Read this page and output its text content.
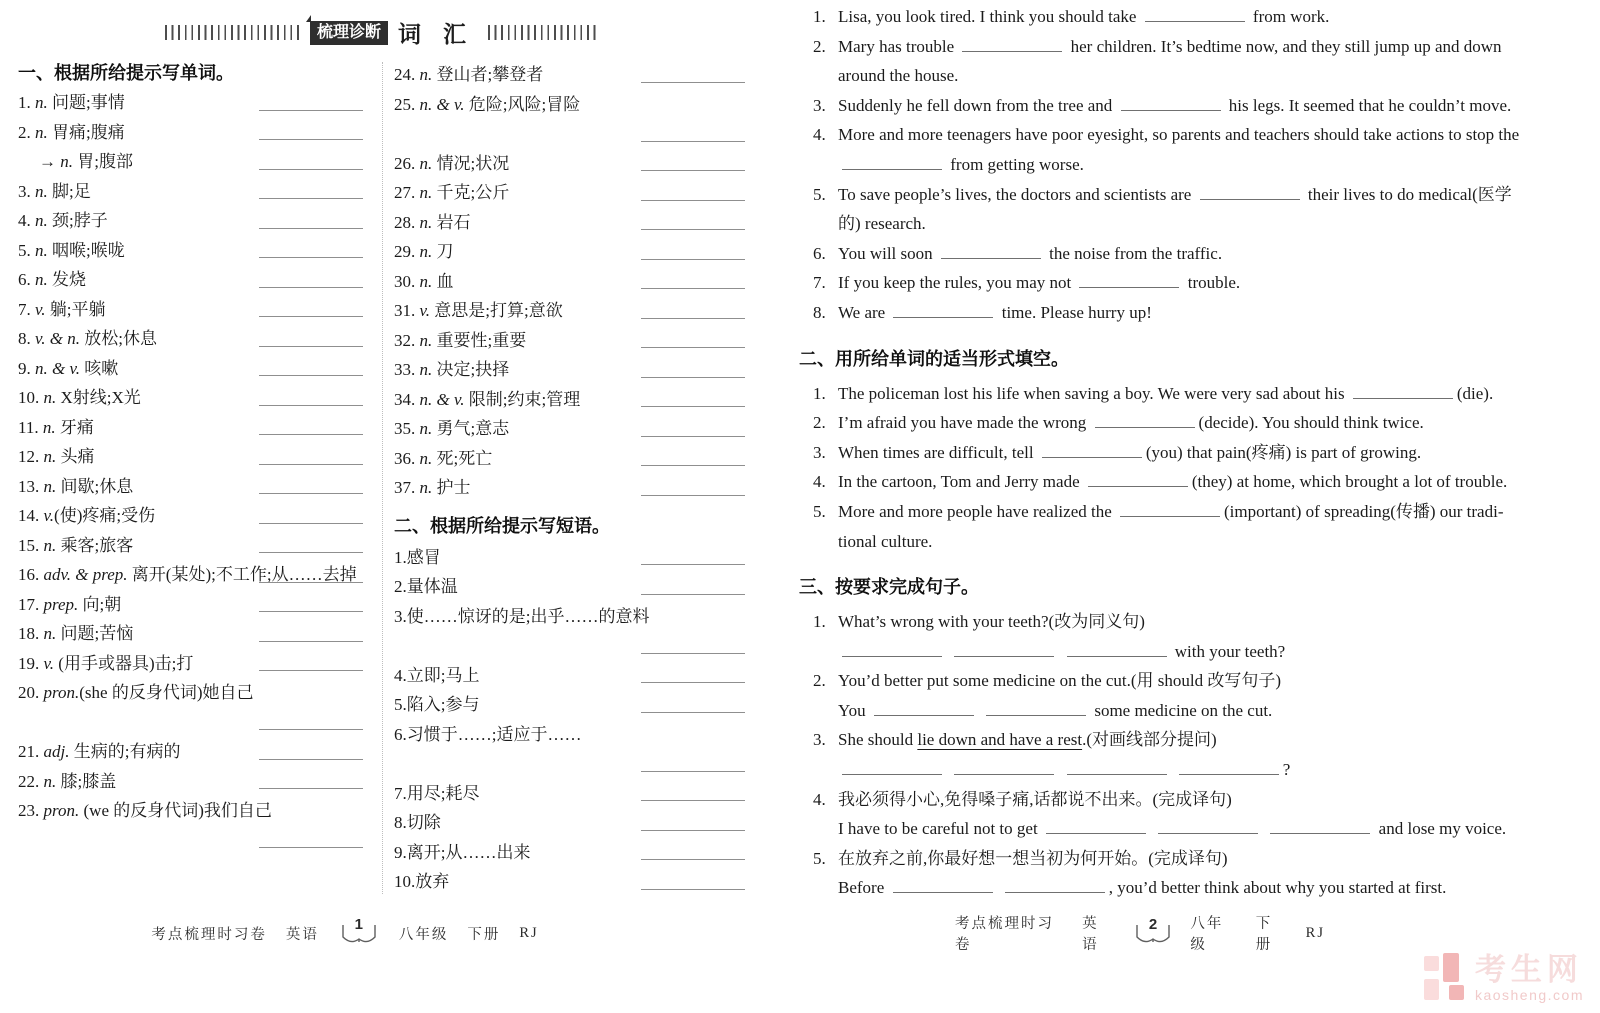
梳理诊断 词汇
一、根据所给提示写单词。
1. n. 问题;事情
2. n. 胃痛;腹痛
→ n. 胃;腹部
3. n. 脚;足
4. n. 颈;脖子
5. n. 咽喉;喉咙
6. n. 发烧
7. v. 躺;平躺
8. v. & n. 放松;休息
9. n. & v. 咳嗽
10. n. X射线;X光
11. n. 牙痛
12. n. 头痛
13. n. 间歇;休息
14. v.(使)疼痛;受伤
15. n. 乘客;旅客
16. adv. & prep. 离开(某处);不工作;从……去掉
17. prep. 向;朝
18. n. 问题;苦恼
19. v. (用手或器具)击;打
20. pron.(she 的反身代词)她自己
21. adj. 生病的;有病的
22. n. 膝;膝盖
23. pron. (we 的反身代词)我们自己
24. n. 登山者;攀登者
25. n. & v. 危险;风险;冒险
26. n. 情况;状况
27. n. 千克;公斤
28. n. 岩石
29. n. 刀
30. n. 血
31. v. 意思是;打算;意欲
32. n. 重要性;重要
33. n. 决定;抉择
34. n. & v. 限制;约束;管理
35. n. 勇气;意志
36. n. 死;死亡
37. n. 护士
二、根据所给提示写短语。
1.感冒
2.量体温
3.使……惊讶的是;出乎……的意料
4.立即;马上
5.陷入;参与
6.习惯于……;适应于……
7.用尽;耗尽
8.切除
9.离开;从……出来
10.放弃
1. Lisa, you look tired. I think you should take	from work.
2. Mary has trouble	her children. It’s bedtime now, and they still jump up and down
around the house.
3. Suddenly he fell down from the tree and	his legs. It seemed that he couldn’t move.
4. More and more teenagers have poor eyesight, so parents and teachers should take actions to stop the
from getting worse.
5. To save people’s lives, the doctors and scientists are	their lives to do medical(医学
的) research.
6. You will soon	the noise from the traffic.
7. If you keep the rules, you may not	trouble.
8. We are	time. Please hurry up!
二、用所给单词的适当形式填空。
1. The policeman lost his life when saving a boy. We were very sad about his	(die).
2. I’m afraid you have made the wrong	(decide). You should think twice.
3. When times are difficult, tell	(you) that pain(疼痛) is part of growing.
4. In the cartoon, Tom and Jerry made	(they) at home, which brought a lot of trouble.
5. More and more people have realized the	(important) of spreading(传播) our tradi-
tional culture.
三、按要求完成句子。
1. What’s wrong with your teeth?(改为同义句)
with your teeth?
2. You’d better put some medicine on the cut.(用 should 改写句子)
You	some medicine on the cut.
3. She should lie down and have a rest.(对画线部分提问)
?
4. 我必须得小心,免得嗓子痛,话都说不出来。(完成译句)
I have to be careful not to get	and lose my voice.
5. 在放弃之前,你最好想一想当初为何开始。(完成译句)
Before	, you’d better think about why you started at first.
考点梳理时习卷 英语
1
八年级 下册 RJ
考点梳理时习卷
英语
2	八年级
下册
RJ
考生网
kaosheng.com
